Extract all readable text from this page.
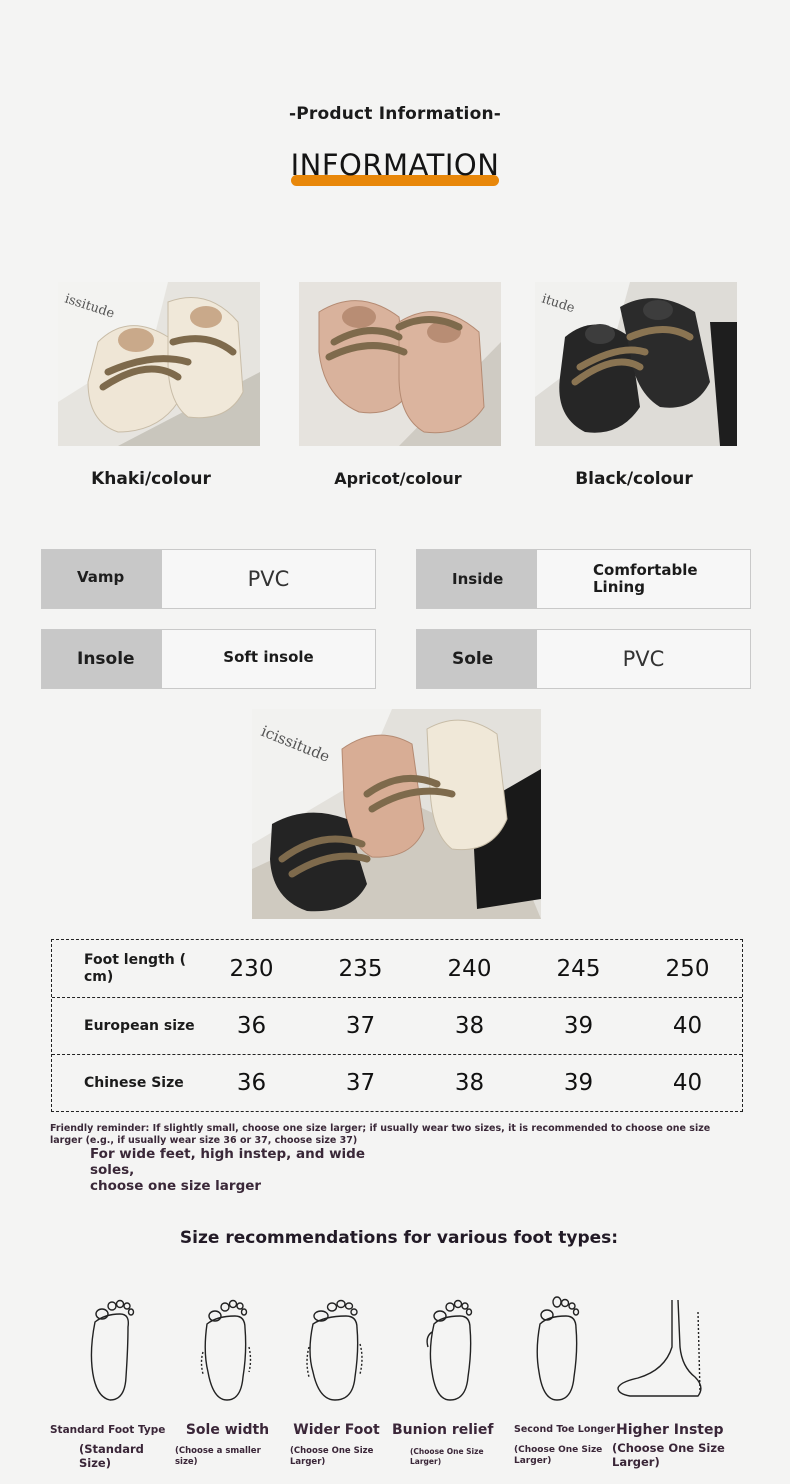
-Product Information-
INFORMATION
issitude
Khaki/colour	Apricot/colour
itude
Black/colour
Vamp	PVC	Inside	Comfortable
Lining
Insole	Soft insole	Sole	PVC
icissitude
Foot length (
cm)	230	235	240	245	250
European size	36	37	38	39	40
Chinese Size	36	37	38	39	40
Friendly reminder: If slightly small, choose one size larger; if usually wear two sizes, it is recommended to choose one size larger (e.g., if usually wear size 36 or 37, choose size 37)
For wide feet, high instep, and wide soles,
choose one size larger
Size recommendations for various foot types:
Standard Foot Type
(Standard
Size)
Sole width
(Choose a smaller
size)
Wider Foot
(Choose One Size
Larger)
Bunion relief
(Choose One Size
Larger)
Second Toe Longer
(Choose One Size
Larger)
Higher Instep
(Choose One Size
Larger)
